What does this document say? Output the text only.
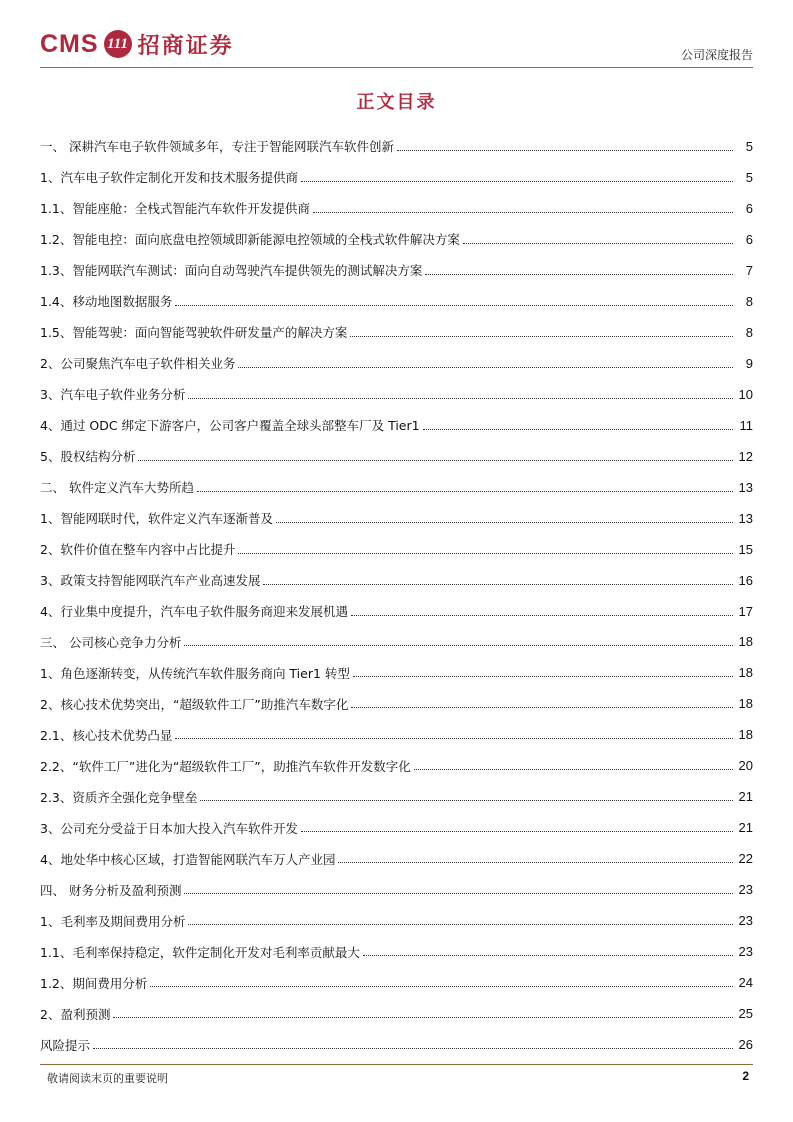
CMS 111 招商证券	公司深度报告
正文目录
一、 深耕汽车电子软件领域多年，专注于智能网联汽车软件创新	5
1、汽车电子软件定制化开发和技术服务提供商	5
1.1、智能座舱：全栈式智能汽车软件开发提供商	6
1.2、智能电控：面向底盘电控领域即新能源电控领域的全栈式软件解决方案	6
1.3、智能网联汽车测试：面向自动驾驶汽车提供领先的测试解决方案	7
1.4、移动地图数据服务	8
1.5、智能驾驶：面向智能驾驶软件研发量产的解决方案	8
2、公司聚焦汽车电子软件相关业务	9
3、汽车电子软件业务分析	10
4、通过 ODC 绑定下游客户，公司客户覆盖全球头部整车厂及 Tier1	11
5、股权结构分析	12
二、 软件定义汽车大势所趋	13
1、智能网联时代，软件定义汽车逐渐普及	13
2、软件价值在整车内容中占比提升	15
3、政策支持智能网联汽车产业高速发展	16
4、行业集中度提升，汽车电子软件服务商迎来发展机遇	17
三、 公司核心竞争力分析	18
1、角色逐渐转变，从传统汽车软件服务商向 Tier1 转型	18
2、核心技术优势突出，“超级软件工厂”助推汽车数字化	18
2.1、核心技术优势凸显	18
2.2、“软件工厂”进化为“超级软件工厂”，助推汽车软件开发数字化	20
2.3、资质齐全强化竞争壁垒	21
3、公司充分受益于日本加大投入汽车软件开发	21
4、地处华中核心区域，打造智能网联汽车万人产业园	22
四、 财务分析及盈利预测	23
1、毛利率及期间费用分析	23
1.1、毛利率保持稳定，软件定制化开发对毛利率贡献最大	23
1.2、期间费用分析	24
2、盈利预测	25
风险提示	26
敬请阅读末页的重要说明	2
